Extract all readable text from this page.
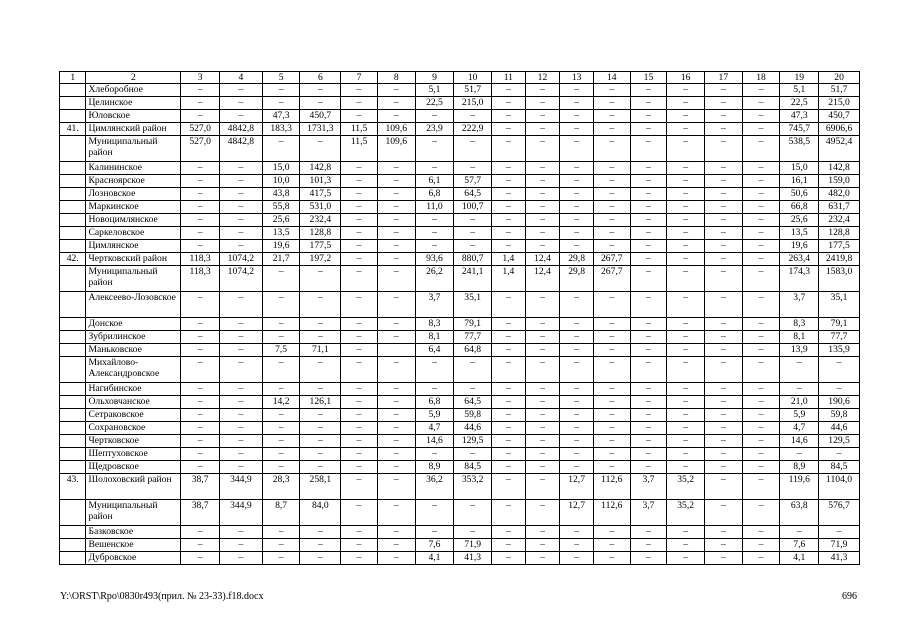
1	2	3	4	5	6	7	8	9	10	11	12	13	14	15	16	17	18	19	20
	Хлеборобное	–	–	–	–	–	–	5,1	51,7	–	–	–	–	–	–	–	–	5,1	51,7
	Целинское	–	–	–	–	–	–	22,5	215,0	–	–	–	–	–	–	–	–	22,5	215,0
	Юловское	–	–	47,3	450,7	–	–	–	–	–	–	–	–	–	–	–	–	47,3	450,7
41.	Цимлянский район	527,0	4842,8	183,3	1731,3	11,5	109,6	23,9	222,9	–	–	–	–	–	–	–	–	745,7	6906,6
	Муниципальный район	527,0	4842,8	–	–	11,5	109,6	–	–	–	–	–	–	–	–	–	–	538,5	4952,4
	Калининское	–	–	15,0	142,8	–	–	–	–	–	–	–	–	–	–	–	–	15,0	142,8
	Красноярское	–	–	10,0	101,3	–	–	6,1	57,7	–	–	–	–	–	–	–	–	16,1	159,0
	Лозновское	–	–	43,8	417,5	–	–	6,8	64,5	–	–	–	–	–	–	–	–	50,6	482,0
	Маркинское	–	–	55,8	531,0	–	–	11,0	100,7	–	–	–	–	–	–	–	–	66,8	631,7
	Новоцимлянское	–	–	25,6	232,4	–	–	–	–	–	–	–	–	–	–	–	–	25,6	232,4
	Саркеловское	–	–	13,5	128,8	–	–	–	–	–	–	–	–	–	–	–	–	13,5	128,8
	Цимлянское	–	–	19,6	177,5	–	–	–	–	–	–	–	–	–	–	–	–	19,6	177,5
42.	Чертковский район	118,3	1074,2	21,7	197,2	–	–	93,6	880,7	1,4	12,4	29,8	267,7	–	–	–	–	263,4	2419,8
	Муниципальный район	118,3	1074,2	–	–	–	–	26,2	241,1	1,4	12,4	29,8	267,7	–	–	–	–	174,3	1583,0
	Алексеево-Лозовское	–	–	–	–	–	–	3,7	35,1	–	–	–	–	–	–	–	–	3,7	35,1
	Донское	–	–	–	–	–	–	8,3	79,1	–	–	–	–	–	–	–	–	8,3	79,1
	Зубрилинское	–	–	–	–	–	–	8,1	77,7	–	–	–	–	–	–	–	–	8,1	77,7
	Маньковское	–	–	7,5	71,1	–		6,4	64,8	–	–	–	–	–	–	–	–	13,9	135,9
	Михайлово-Александровское	–	–	–	–	–	–	–	–	–	–	–	–	–	–	–	–	–	–
	Нагибинское	–	–	–	–	–	–	–	–	–	–	–	–	–	–	–	–	–	–
	Ольховчанское	–	–	14,2	126,1	–	–	6,8	64,5	–	–	–	–	–	–	–	–	21,0	190,6
	Сетраковское	–	–	–	–	–	–	5,9	59,8	–	–	–	–	–	–	–	–	5,9	59,8
	Сохрановское	–	–	–	–	–	–	4,7	44,6	–	–	–	–	–	–	–	–	4,7	44,6
	Чертковское	–	–	–	–	–	–	14,6	129,5	–	–	–	–	–	–	–	–	14,6	129,5
	Шептуховское	–	–	–	–	–	–	–	–	–	–	–	–	–	–	–	–	–	–
	Щедровское	–	–	–	–	–	–	8,9	84,5	–	–	–	–	–	–	–	–	8,9	84,5
43.	Шолоховский район	38,7	344,9	28,3	258,1	–	–	36,2	353,2	–	–	12,7	112,6	3,7	35,2	–	–	119,6	1104,0
	Муниципальный район	38,7	344,9	8,7	84,0	–	–	–	–	–	–	12,7	112,6	3,7	35,2	–	–	63,8	576,7
	Базковское	–	–	–	–	–	–	–	–	–	–	–	–	–	–	–	–	–	–
	Вешенское	–	–	–	–	–	–	7,6	71,9	–	–	–	–	–	–	–	–	7,6	71,9
	Дубровское	–	–	–	–	–	–	4,1	41,3	–	–	–	–	–	–	–	–	4,1	41,3
Y:\ORST\Rpo\0830r493(прил. № 23-33).f18.docx	696
